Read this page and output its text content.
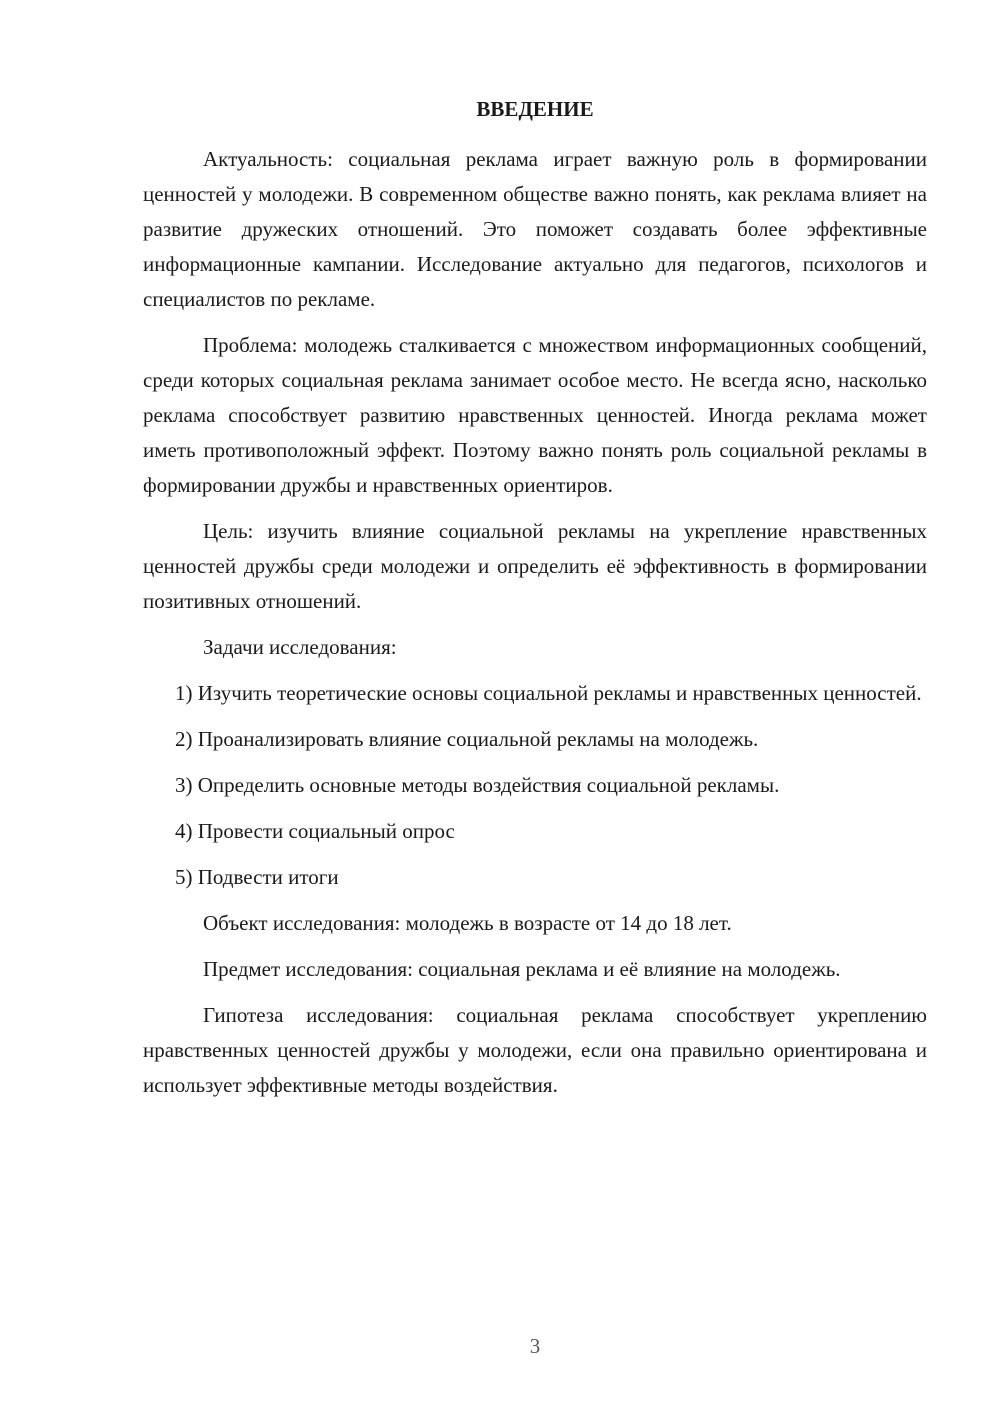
ВВЕДЕНИЕ

Актуальность: социальная реклама играет важную роль в формировании ценностей у молодежи. В современном обществе важно понять, как реклама влияет на развитие дружеских отношений. Это поможет создавать более эффективные информационные кампании. Исследование актуально для педагогов, психологов и специалистов по рекламе.

Проблема: молодежь сталкивается с множеством информационных сообщений, среди которых социальная реклама занимает особое место. Не всегда ясно, насколько реклама способствует развитию нравственных ценностей. Иногда реклама может иметь противоположный эффект. Поэтому важно понять роль социальной рекламы в формировании дружбы и нравственных ориентиров.

Цель: изучить влияние социальной рекламы на укрепление нравственных ценностей дружбы среди молодежи и определить её эффективность в формировании позитивных отношений.

Задачи исследования:

1) Изучить теоретические основы социальной рекламы и нравственных ценностей.

2) Проанализировать влияние социальной рекламы на молодежь.

3) Определить основные методы воздействия социальной рекламы.

4) Провести социальный опрос

5) Подвести итоги

Объект исследования: молодежь в возрасте от 14 до 18 лет.

Предмет исследования: социальная реклама и её влияние на молодежь.

Гипотеза исследования: социальная реклама способствует укреплению нравственных ценностей дружбы у молодежи, если она правильно ориентирована и использует эффективные методы воздействия.

3
